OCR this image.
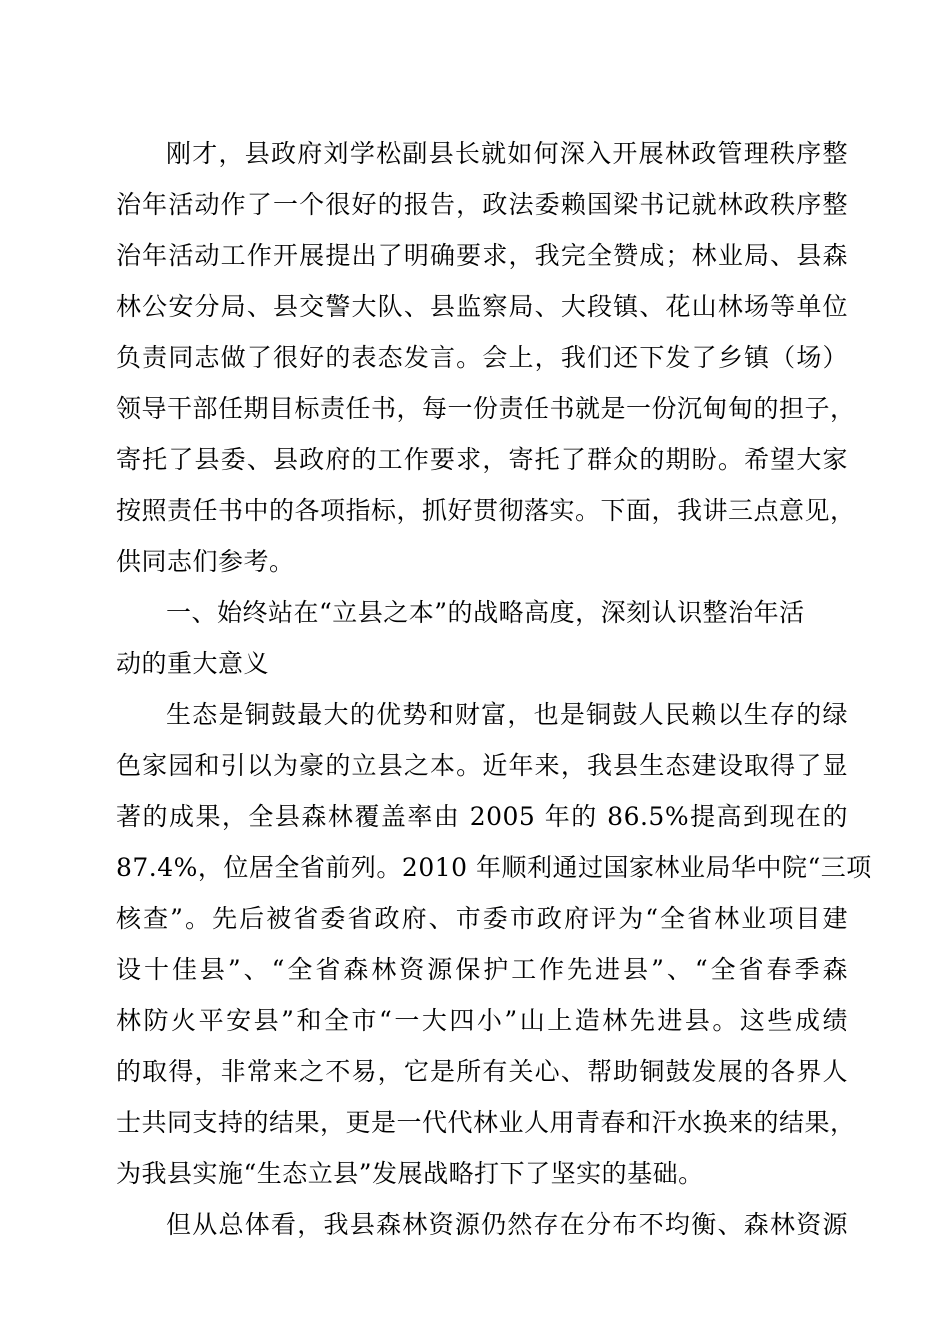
刚才，县政府刘学松副县长就如何深入开展林政管理秩序整
治年活动作了一个很好的报告，政法委赖国梁书记就林政秩序整
治年活动工作开展提出了明确要求，我完全赞成；林业局、县森
林公安分局、县交警大队、县监察局、大段镇、花山林场等单位
负责同志做了很好的表态发言。会上，我们还下发了乡镇（场）
领导干部任期目标责任书，每一份责任书就是一份沉甸甸的担子，
寄托了县委、县政府的工作要求，寄托了群众的期盼。希望大家
按照责任书中的各项指标，抓好贯彻落实。下面，我讲三点意见，
供同志们参考。
一、始终站在“立县之本”的战略高度，深刻认识整治年活
动的重大意义
生态是铜鼓最大的优势和财富，也是铜鼓人民赖以生存的绿
色家园和引以为豪的立县之本。近年来，我县生态建设取得了显
著的成果，全县森林覆盖率由 2005 年的 86.5%提高到现在的
87.4%，位居全省前列。2010 年顺利通过国家林业局华中院“三项
核查”。先后被省委省政府、市委市政府评为“全省林业项目建
设十佳县”、“全省森林资源保护工作先进县”、“全省春季森
林防火平安县”和全市“一大四小”山上造林先进县。这些成绩
的取得，非常来之不易，它是所有关心、帮助铜鼓发展的各界人
士共同支持的结果，更是一代代林业人用青春和汗水换来的结果，
为我县实施“生态立县”发展战略打下了坚实的基础。
但从总体看，我县森林资源仍然存在分布不均衡、森林资源
